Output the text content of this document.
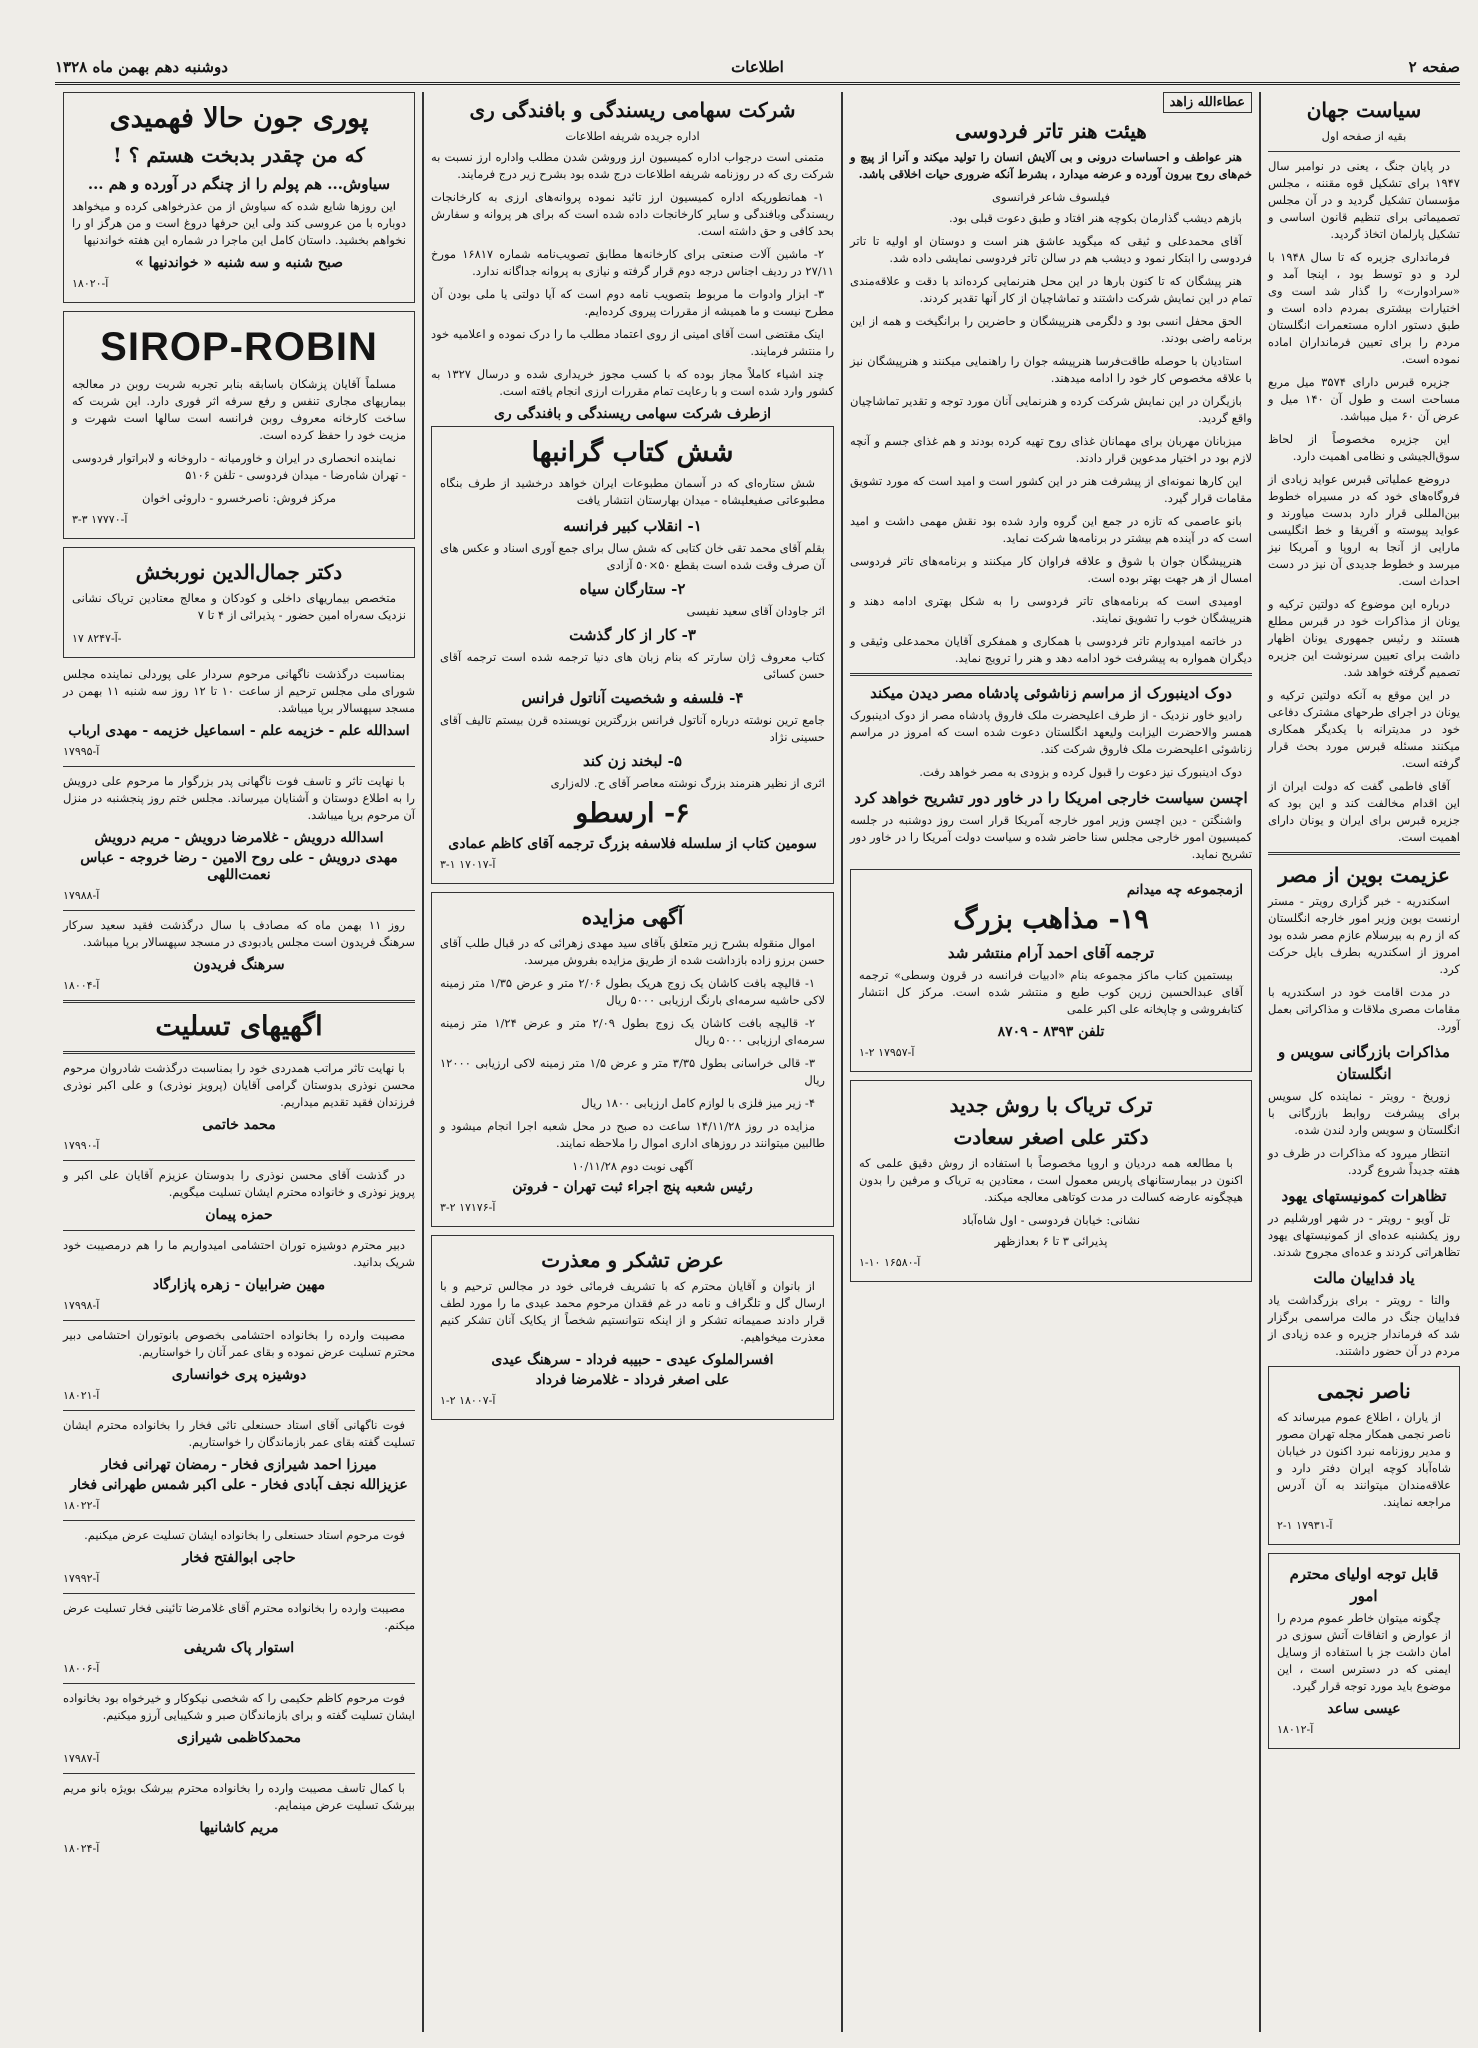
دوشنبه دهم بهمن ماه ۱۳۲۸	اطلاعات	صفحه ۲
سیاست جهان
بقیه از صفحه اول

در پایان جنگ ، یعنی در نوامبر سال ۱۹۴۷ برای تشکیل قوه مقننه ، مجلس مؤسسان تشکیل گردید و در آن مجلس تصمیماتی برای تنظیم قانون اساسی و تشکیل پارلمان اتخاذ گردید.

فرمانداری جزیره که تا سال ۱۹۴۸ با لرد و دو توسط بود ، اینجا آمد و «سرادوارت» را گذار شد است وی اختیارات بیشتری بمردم داده است و طبق دستور اداره مستعمرات انگلستان مردم را برای تعیین فرمانداران اماده نموده است.

جزیره قبرس دارای ۳۵۷۴ میل مربع مساحت است و طول آن ۱۴۰ میل و عرض آن ۶۰ میل میباشد.

این جزیره مخصوصاً از لحاظ سوق‌الجیشی و نظامی اهمیت دارد.

دروضع عملیاتی قبرس عواید زیادی از فروگاه‌های خود که در مسیراه خطوط بین‌المللی قرار دارد بدست میاورند و عواید پیوسته و آفریقا و خط انگلیسی مارایی از آنجا به اروپا و آمریکا نیز میرسد و خطوط جدیدی آن نیز در دست احداث است.

درباره این موضوع که دولتین ترکیه و یونان از مذاکرات خود در قبرس مطلع هستند و رئیس جمهوری یونان اظهار داشت برای تعیین سرنوشت این جزیره تصمیم گرفته خواهد شد.

در این موقع به آنکه دولتین ترکیه و یونان در اجرای طرحهای مشترک دفاعی خود در مدیترانه با یکدیگر همکاری میکنند مسئله قبرس مورد بحث قرار گرفته است.

آقای فاطمی گفت که دولت ایران از این اقدام مخالفت کند و این بود که جزیره قبرس برای ایران و یونان دارای اهمیت است.

عزیمت بوین از مصر

اسکندریه - خبر گزاری رویتر - مستر ارنست بوین وزیر امور خارجه انگلستان که از رم به بیرسلام عازم مصر شده بود امروز از اسکندریه بطرف بایل حرکت کرد.

در مدت اقامت خود در اسکندریه با مقامات مصری ملاقات و مذاکراتی بعمل آورد.

مذاکرات بازرگانی سویس و انگلستان

زوریخ - رویتر - نماینده کل سویس برای پیشرفت روابط بازرگانی با انگلستان و سویس وارد لندن شده.

انتظار میرود که مذاکرات در ظرف دو هفته جدیداً شروع گردد.

تظاهرات کمونیستهای یهود

تل آویو - رویتر - در شهر اورشلیم در روز یکشنبه عده‌ای از کمونیستهای یهود تظاهراتی کردند و عده‌ای مجروح شدند.

یاد فداییان مالت

والتا - رویتر - برای بزرگداشت یاد فداییان جنگ در مالت مراسمی برگزار شد که فرماندار جزیره و عده زیادی از مردم در آن حضور داشتند.

ناصر نجمی

از یاران ، اطلاع عموم میرساند که ناصر نجمی همکار مجله تهران مصور و مدیر روزنامه نبرد اکنون در خیابان شاه‌آباد کوچه ایران دفتر دارد و علاقه‌مندان میتوانند به آن آدرس مراجعه نمایند.

آ-۱۷۹۳۱ ۱-۲
قابل توجه اولیای محترم امور

چگونه میتوان خاطر عموم مردم را از عوارض و اتفاقات آتش سوزی در امان داشت جز با استفاده از وسایل ایمنی که در دسترس است ، این موضوع باید مورد توجه قرار گیرد.

عیسی ساعد
آ-۱۸۰۱۲
عطاءالله زاهد
هیئت هنر تاتر فردوسی

هنر عواطف و احساسات درونی و بی آلایش انسان را تولید میکند و آنرا از پیچ و خم‌های روح بیرون آورده و عرضه میدارد ، بشرط آنکه ضروری حیات اخلاقی باشد.

فیلسوف شاعر فرانسوی

بازهم دیشب گذارمان بکوچه هنر افتاد و طبق دعوت قبلی بود.

آقای محمدعلی و ثیقی که میگوید عاشق هنر است و دوستان او اولیه تا تاتر فردوسی را ابتکار نمود و دیشب هم در سالن تاتر فردوسی نمایشی داده شد.

هنر پیشگان که تا کنون بارها در این محل هنرنمایی کرده‌اند با دقت و علاقه‌مندی تمام در این نمایش شرکت داشتند و تماشاچیان از کار آنها تقدیر کردند.

الحق محفل انسی بود و دلگرمی هنرپیشگان و حاضرین را برانگیخت و همه از این برنامه راضی بودند.

استادیان با حوصله طاقت‌فرسا هنرپیشه جوان را راهنمایی میکنند و هنرپیشگان نیز با علاقه مخصوص کار خود را ادامه میدهند.

بازیگران در این نمایش شرکت کرده و هنرنمایی آنان مورد توجه و تقدیر تماشاچیان واقع گردید.

میزبانان مهربان برای مهمانان غذای روح تهیه کرده بودند و هم غذای جسم و آنچه لازم بود در اختیار مدعوین قرار دادند.

این کارها نمونه‌ای از پیشرفت هنر در این کشور است و امید است که مورد تشویق مقامات قرار گیرد.

بانو عاصمی که تازه در جمع این گروه وارد شده بود نقش مهمی داشت و امید است که در آینده هم بیشتر در برنامه‌ها شرکت نماید.

هنرپیشگان جوان با شوق و علاقه فراوان کار میکنند و برنامه‌های تاتر فردوسی امسال از هر جهت بهتر بوده است.

اومیدی است که برنامه‌های تاتر فردوسی را به شکل بهتری ادامه دهند و هنرپیشگان خوب را تشویق نمایند.

در خاتمه امیدوارم تاتر فردوسی با همکاری و همفکری آقایان محمدعلی وثیقی و دیگران همواره به پیشرفت خود ادامه دهد و هنر را ترویج نماید.

دوک ادینبورک از مراسم زناشوئی پادشاه مصر دیدن میکند

رادیو خاور نزدیک - از طرف اعلیحضرت ملک فاروق پادشاه مصر از دوک ادینبورک همسر والاحضرت الیزابت ولیعهد انگلستان دعوت شده است که امروز در مراسم زناشوئی اعلیحضرت ملک فاروق شرکت کند.

دوک ادینبورک نیز دعوت را قبول کرده و بزودی به مصر خواهد رفت.

اچسن سیاست خارجی امریکا را در خاور دور تشریح خواهد کرد

واشنگتن - دین اچسن وزیر امور خارجه آمریکا قرار است روز دوشنبه در جلسه کمیسیون امور خارجی مجلس سنا حاضر شده و سیاست دولت آمریکا را در خاور دور تشریح نماید.

ازمجموعه چه میدانم
۱۹- مذاهب بزرگ
ترجمه آقای احمد آرام منتشر شد

بیستمین کتاب ماکز مجموعه بنام «ادبیات فرانسه در قرون وسطی» ترجمه آقای عبدالحسین زرین کوب طبع و منتشر شده است. مرکز کل انتشار کتابفروشی و چاپخانه علی اکبر علمی

تلفن ۸۳۹۳ - ۸۷۰۹
آ-۱۷۹۵۷ ۲-۱
ترک تریاک با روش جدید
دکتر علی اصغر سعادت

با مطالعه همه دردیان و اروپا مخصوصاً با استفاده از روش دقیق علمی که اکنون در بیمارستانهای پاریس معمول است ، معتادین به تریاک و مرفین را بدون هیچگونه عارضه کسالت در مدت کوتاهی معالجه میکند.

نشانی: خیابان فردوسی - اول شاه‌آباد
پذیرائی ۳ تا ۶ بعدازظهر
آ-۱۶۵۸۰ ۱۰-۱
شرکت سهامی ریسندگی و بافندگی ری
اداره جریده شریفه اطلاعات

متمنی است درجواب اداره کمیسیون ارز وروشن شدن مطلب واداره ارز نسبت به شرکت ری که در روزنامه شریفه اطلاعات درج شده بود بشرح زیر درج فرمایند.

۱- همانطوریکه اداره کمیسیون ارز تائید نموده پروانه‌های ارزی به کارخانجات ریسندگی وبافندگی و سایر کارخانجات داده شده است که برای هر پروانه و سفارش بحد کافی و حق داشته است.

۲- ماشین آلات صنعتی برای کارخانه‌ها مطابق تصویب‌نامه شماره ۱۶۸۱۷ مورخ ۲۷/۱۱ در ردیف اجناس درجه دوم قرار گرفته و نیازی به پروانه جداگانه ندارد.

۳- ابزار وادوات ما مربوط بتصویب نامه دوم است که آیا دولتی یا ملی بودن آن مطرح نیست و ما همیشه از مقررات پیروی کرده‌ایم.

اینک مقتضی است آقای امینی از روی اعتماد مطلب ما را درک نموده و اعلامیه خود را منتشر فرمایند.

چند اشیاء کاملاً مجاز بوده که با کسب مجوز خریداری شده و درسال ۱۳۲۷ به کشور وارد شده است و با رعایت تمام مقررات ارزی انجام یافته است.

ازطرف شرکت سهامی ریسندگی و بافندگی ری
شش کتاب گرانبها

شش ستاره‌ای که در آسمان مطبوعات ایران خواهد درخشید از طرف بنگاه مطبوعاتی صفیعلیشاه - میدان بهارستان انتشار یافت

۱- انقلاب کبیر فرانسه
بقلم آقای محمد تقی خان کتابی که شش سال برای جمع آوری اسناد و عکس های آن صرف وقت شده است بقطع ۵۰×۵۰ آزادی
۲- ستارگان سیاه
اثر جاودان آقای سعید نفیسی
۳- کار از کار گذشت
کتاب معروف ژان سارتر که بنام زبان های دنیا ترجمه شده است ترجمه آقای حسن کسائی
۴- فلسفه و شخصیت آناتول فرانس
جامع ترین نوشته درباره آناتول فرانس بزرگترین نویسنده قرن بیستم تالیف آقای حسینی نژاد
۵- لبخند زن کند
اثری از نظیر هنرمند بزرگ نوشته معاصر آقای ح. لاله‌زاری
۶- ارسطو
سومین کتاب از سلسله فلاسفه بزرگ ترجمه آقای کاظم عمادی
آ-۱۷۰۱۷ ۱-۳
آگهی مزایده

اموال منقوله بشرح زیر متعلق بآقای سید مهدی زهرائی که در قبال طلب آقای حسن برزو زاده بازداشت شده از طریق مزایده بفروش میرسد.

۱- قالیچه بافت کاشان یک زوج هریک بطول ۲/۰۶ متر و عرض ۱/۳۵ متر زمینه لاکی حاشیه سرمه‌ای بارنگ ارزیابی ۵۰۰۰ ریال

۲- قالیچه بافت کاشان یک زوج بطول ۲/۰۹ متر و عرض ۱/۲۴ متر زمینه سرمه‌ای ارزیابی ۵۰۰۰ ریال

۳- قالی خراسانی بطول ۳/۳۵ متر و عرض ۱/۵ متر زمینه لاکی ارزیابی ۱۲۰۰۰ ریال

۴- زیر میز فلزی با لوازم کامل ارزیابی ۱۸۰۰ ریال

مزایده در روز ۱۴/۱۱/۲۸ ساعت ده صبح در محل شعبه اجرا انجام میشود و طالبین میتوانند در روزهای اداری اموال را ملاحظه نمایند.

آگهی نوبت دوم ۱۰/۱۱/۲۸
رئیس شعبه پنج اجراء ثبت تهران - فروتن
آ-۱۷۱۷۶ ۲-۳
عرض تشکر و معذرت

از بانوان و آقایان محترم که با تشریف فرمائی خود در مجالس ترحیم و با ارسال گل و تلگراف و نامه در غم فقدان مرحوم محمد عیدی ما را مورد لطف قرار دادند صمیمانه تشکر و از اینکه نتوانستیم شخصاً از یکایک آنان تشکر کنیم معذرت میخواهیم.

افسرالملوک عیدی - حبیبه فرداد - سرهنگ عیدی
علی اصغر فرداد - غلامرضا فرداد
آ-۱۸۰۰۷ ۲-۱
پوری جون حالا فهمیدی
که من چقدر بدبخت هستم ؟ !
سیاوش... هم پولم را از چنگم در آورده و هم ...

این روزها شایع شده که سیاوش از من عذرخواهی کرده و میخواهد دوباره با من عروسی کند ولی این حرفها دروغ است و من هرگز او را نخواهم بخشید. داستان کامل این ماجرا در شماره این هفته خواندنیها

صبح شنبه و سه شنبه « خواندنیها »
آ-۱۸۰۲۰
SIROP-ROBIN

مسلماً آقایان پزشکان باسابقه بنابر تجربه شربت روبن در معالجه بیماریهای مجاری تنفس و رفع سرفه اثر فوری دارد. این شربت که ساخت کارخانه معروف روبن فرانسه است سالها است شهرت و مزیت خود را حفظ کرده است.

نماینده انحصاری در ایران و خاورمیانه - داروخانه و لابراتوار فردوسی - تهران شاه‌رضا - میدان فردوسی - تلفن ۵۱۰۶

مرکز فروش: ناصرخسرو - داروئی اخوان
آ-۱۷۷۷۰ ۳-۳
دکتر جمال‌الدین نوربخش

متخصص بیماریهای داخلی و کودکان و معالج معتادین تریاک نشانی نزدیک سه‌راه امین حضور - پذیرائی از ۴ تا ۷

آ-۸۲۴۷ ۱۷-

بمناسبت درگذشت ناگهانی مرحوم سردار علی پوردلی نماینده مجلس شورای ملی مجلس ترحیم از ساعت ۱۰ تا ۱۲ روز سه شنبه ۱۱ بهمن در مسجد سپهسالار برپا میباشد.

اسدالله علم - خزیمه علم - اسماعیل خزیمه - مهدی ارباب
آ-۱۷۹۹۵

با نهایت تاثر و تاسف فوت ناگهانی پدر بزرگوار ما مرحوم علی درویش را به اطلاع دوستان و آشنایان میرساند. مجلس ختم روز پنجشنبه در منزل آن مرحوم برپا میباشد.

اسدالله درویش - غلامرضا درویش - مریم درویش
مهدی درویش - علی روح الامین - رضا خروجه - عباس نعمت‌اللهی
آ-۱۷۹۸۸

روز ۱۱ بهمن ماه که مصادف با سال درگذشت فقید سعید سرکار سرهنگ فریدون است مجلس یادبودی در مسجد سپهسالار برپا میباشد.

سرهنگ فریدون
آ-۱۸۰۰۴
اگهیهای تسلیت

با نهایت تاثر مراتب همدردی خود را بمناسبت درگذشت شادروان مرحوم محسن نوذری بدوستان گرامی آقایان (پرویز نوذری) و علی اکبر نوذری فرزندان فقید تقدیم میداریم.

محمد خاتمی
آ-۱۷۹۹۰

در گذشت آقای محسن نوذری را بدوستان عزیزم آقایان علی اکبر و پرویز نوذری و خانواده محترم ایشان تسلیت میگویم.

حمزه پیمان

دبیر محترم دوشیزه توران احتشامی امیدواریم ما را هم درمصیبت خود شریک بدانید.

مهین ضرابیان - زهره پازارگاد
آ-۱۷۹۹۸

مصیبت وارده را بخانواده احتشامی بخصوص بانوتوران احتشامی دبیر محترم تسلیت عرض نموده و بقای عمر آنان را خواستاریم.

دوشیزه پری خوانساری
آ-۱۸۰۲۱

فوت ناگهانی آقای استاد حسنعلی تائی فخار را بخانواده محترم ایشان تسلیت گفته بقای عمر بازماندگان را خواستاریم.

میرزا احمد شیرازی فخار - رمضان تهرانی فخار
عزیزالله نجف آبادی فخار - علی اکبر شمس طهرانی فخار
آ-۱۸۰۲۲

فوت مرحوم استاد حسنعلی را بخانواده ایشان تسلیت عرض میکنیم.

حاجی ابوالفتح فخار
آ-۱۷۹۹۲

مصیبت وارده را بخانواده محترم آقای غلامرضا تائینی فخار تسلیت عرض میکنم.

استوار پاک شریفی
آ-۱۸۰۰۶

فوت مرحوم کاظم حکیمی را که شخصی نیکوکار و خیرخواه بود بخانواده ایشان تسلیت گفته و برای بازماندگان صبر و شکیبایی آرزو میکنیم.

محمدکاظمی شیرازی
آ-۱۷۹۸۷

با کمال تاسف مصیبت وارده را بخانواده محترم بیرشک بویژه بانو مریم بیرشک تسلیت عرض مینمایم.

مریم کاشانیها
آ-۱۸۰۲۴
